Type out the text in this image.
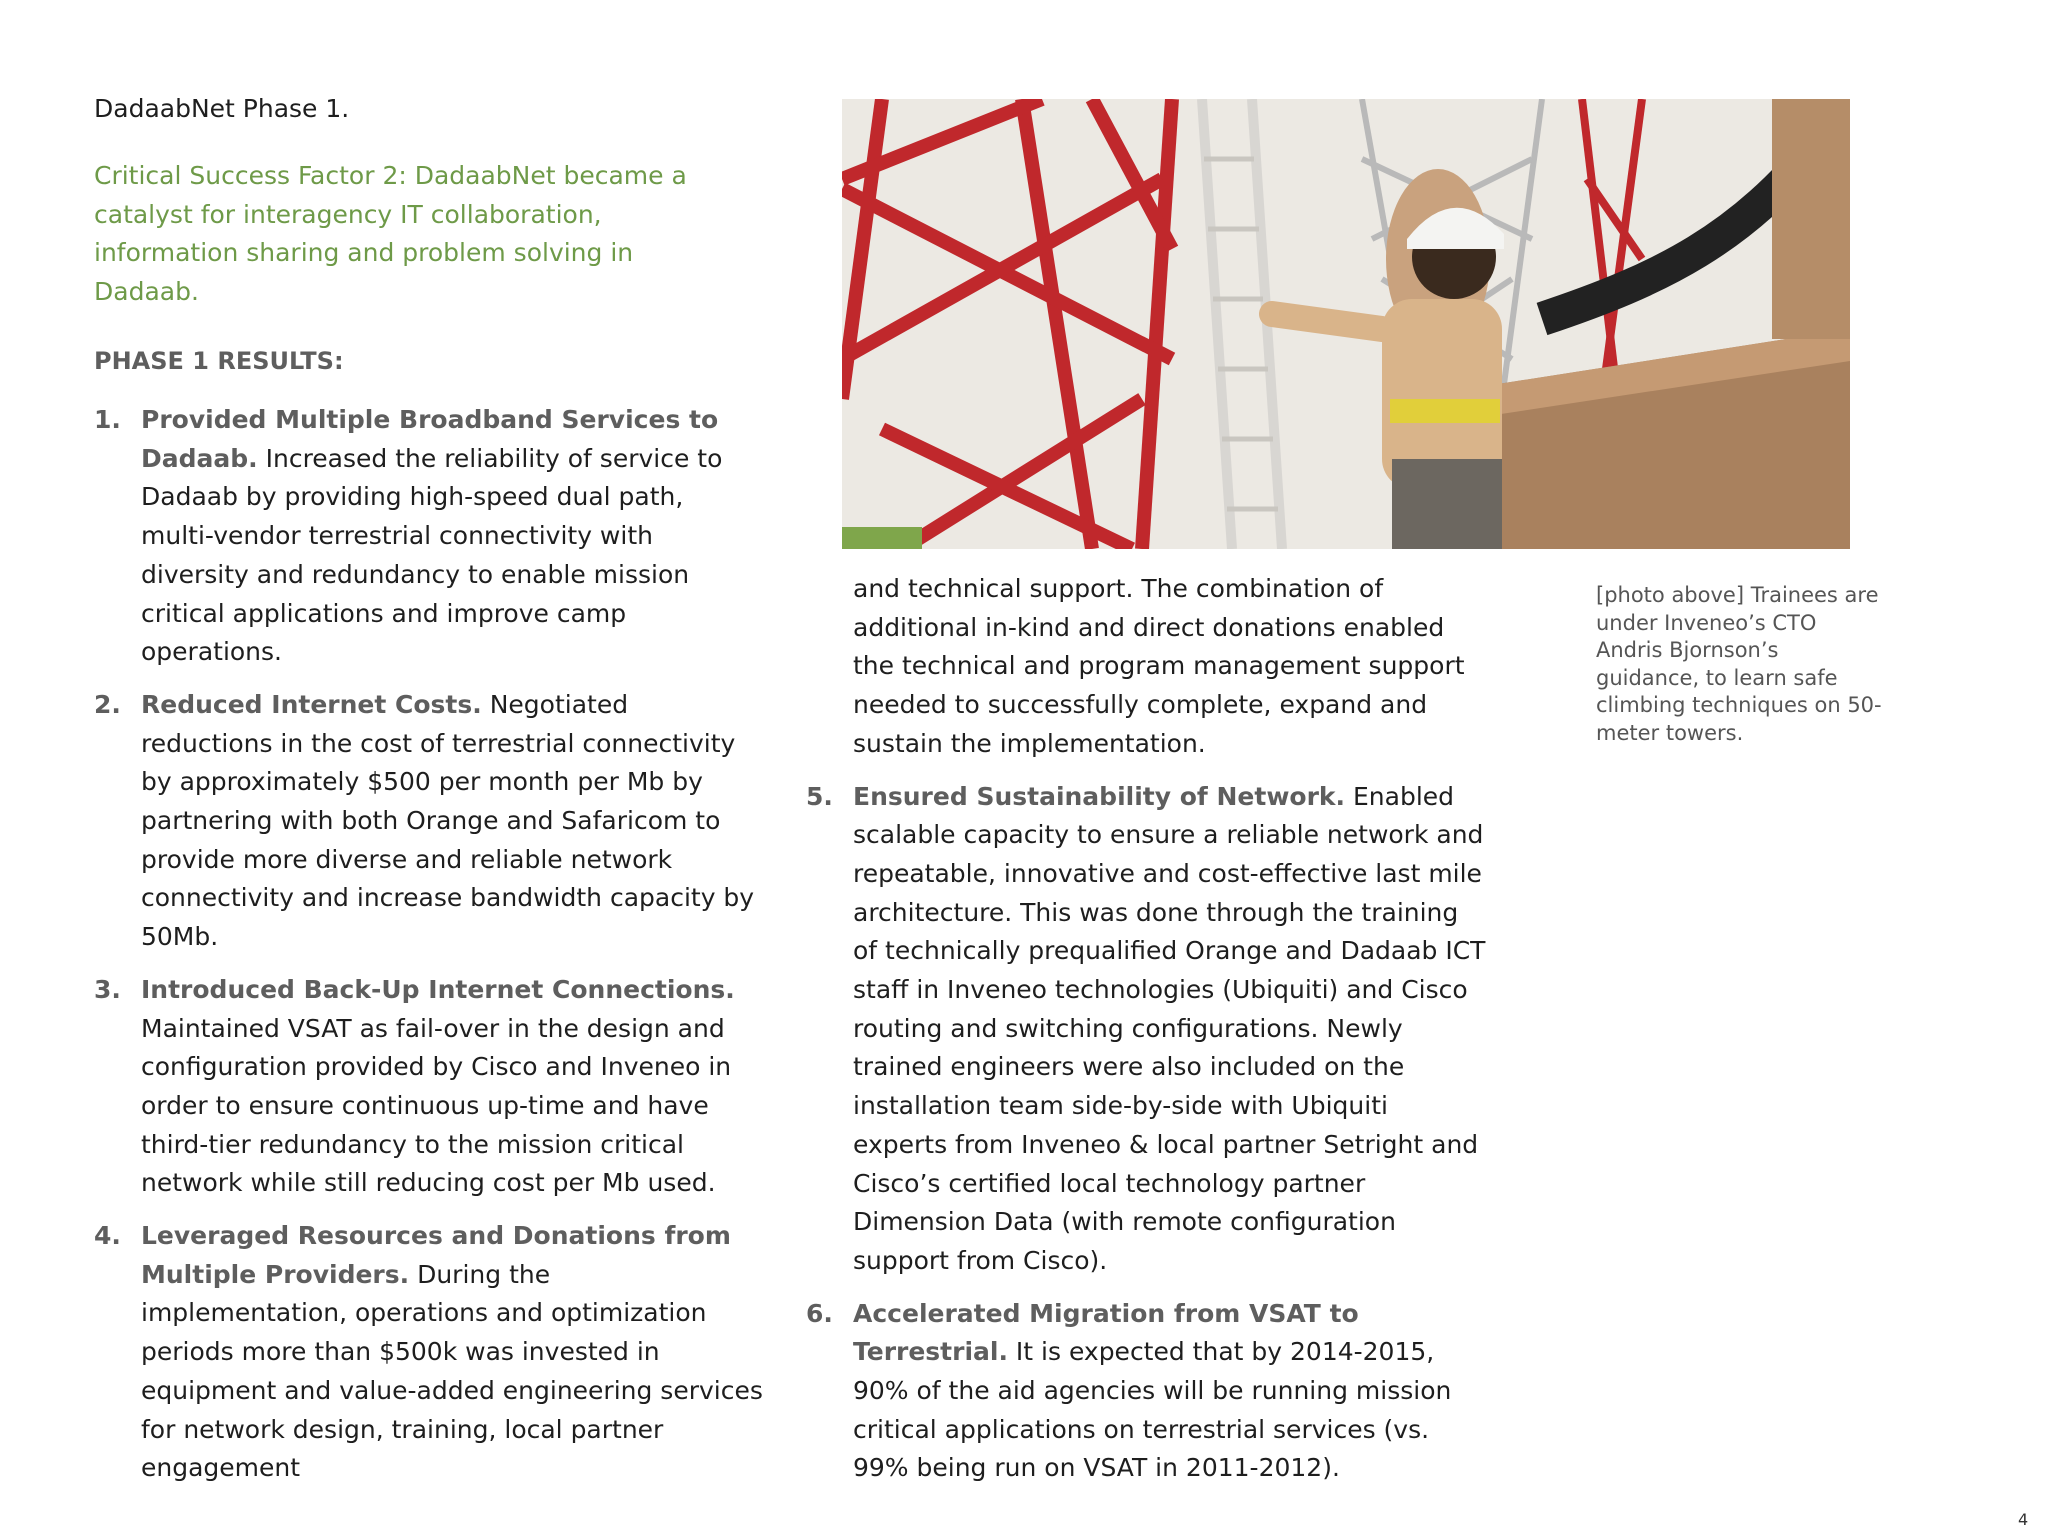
DadaabNet Phase 1.

Critical Success Factor 2: DadaabNet became a catalyst for interagency IT collaboration, information sharing and problem solving in Dadaab.

PHASE 1 RESULTS:
1. Provided Multiple Broadband Services to Dadaab. Increased the reliability of service to Dadaab by providing high-speed dual path, multi-vendor terrestrial connectivity with diversity and redundancy to enable mission critical applications and improve camp operations.
2. Reduced Internet Costs. Negotiated reductions in the cost of terrestrial connectivity by approximately $500 per month per Mb by partnering with both Orange and Safaricom to provide more diverse and reliable network connectivity and increase bandwidth capacity by 50Mb.
3. Introduced Back-Up Internet Connections. Maintained VSAT as fail-over in the design and configuration provided by Cisco and Inveneo in order to ensure continuous up-time and have third-tier redundancy to the mission critical network while still reducing cost per Mb used.
4. Leveraged Resources and Donations from Multiple Providers. During the implementation, operations and optimization periods more than $500k was invested in equipment and value-added engineering services for network design, training, local partner engagement

[photo above] Trainees are under Inveneo’s CTO Andris Bjornson’s guidance, to learn safe climbing techniques on 50-meter towers.

and technical support. The combination of additional in-kind and direct donations enabled the technical and program management support needed to successfully complete, expand and sustain the implementation.
5. Ensured Sustainability of Network. Enabled scalable capacity to ensure a reliable network and repeatable, innovative and cost-effective last mile architecture. This was done through the training of technically prequalified Orange and Dadaab ICT staff in Inveneo technologies (Ubiquiti) and Cisco routing and switching configurations. Newly trained engineers were also included on the installation team side-by-side with Ubiquiti experts from Inveneo & local partner Setright and Cisco’s certified local technology partner Dimension Data (with remote configuration support from Cisco).
6. Accelerated Migration from VSAT to Terrestrial. It is expected that by 2014-2015, 90% of the aid agencies will be running mission critical applications on terrestrial services (vs. 99% being run on VSAT in 2011-2012).

4
